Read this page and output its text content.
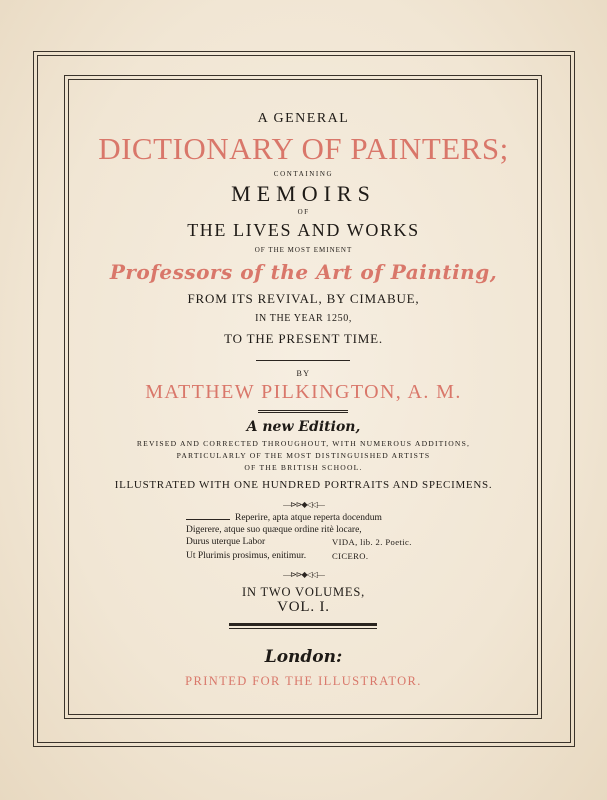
A GENERAL
DICTIONARY OF PAINTERS;
CONTAINING
MEMOIRS
OF
THE LIVES AND WORKS
OF THE MOST EMINENT
Professors of the Art of Painting,
FROM ITS REVIVAL, BY CIMABUE,
IN THE YEAR 1250,
TO THE PRESENT TIME.
BY
MATTHEW PILKINGTON, A. M.
A new Edition,
REVISED AND CORRECTED THROUGHOUT, WITH NUMEROUS ADDITIONS,
PARTICULARLY OF THE MOST DISTINGUISHED ARTISTS
OF THE BRITISH SCHOOL.
ILLUSTRATED WITH ONE HUNDRED PORTRAITS AND SPECIMENS.
—⊳⊳◆◁◁—
Reperire, apta atque reperta docendum
Digerere, atque suo quæque ordine ritè locare,
Durus uterque Labor	VIDA, lib. 2. Poetic.
Ut Plurimis prosimus, enitimur.	CICERO.
—⊳⊳◆◁◁—
IN TWO VOLUMES,
VOL. I.
London:
PRINTED FOR THE ILLUSTRATOR.
